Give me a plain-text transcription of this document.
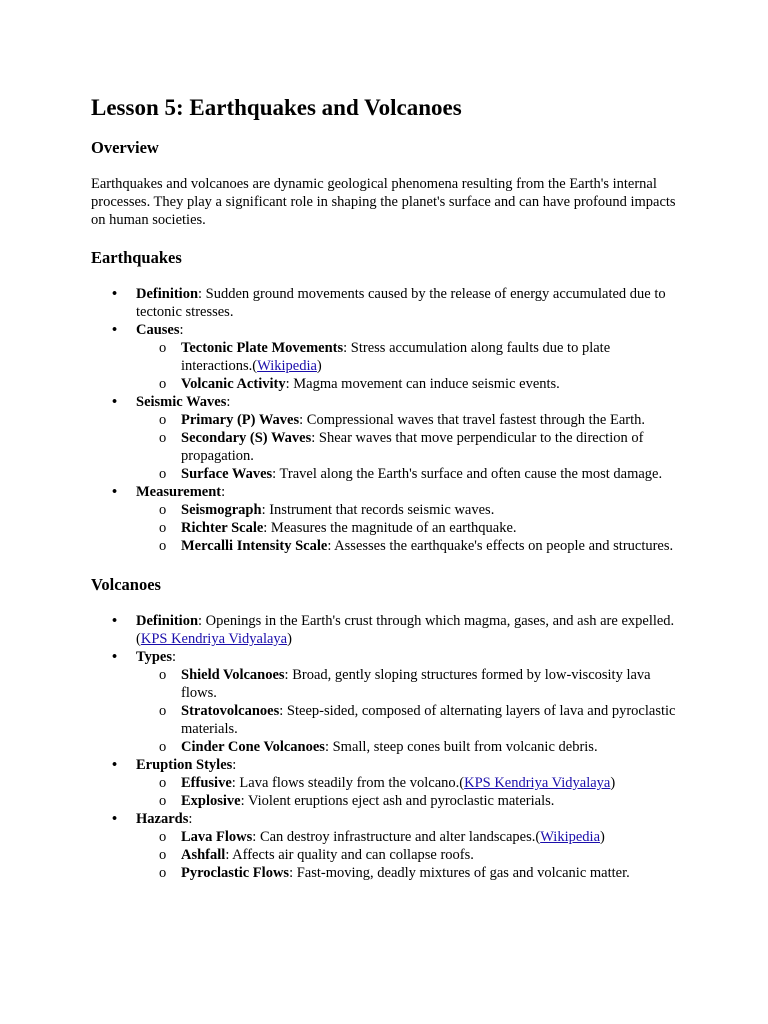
Lesson 5: Earthquakes and Volcanoes
Overview

Earthquakes and volcanoes are dynamic geological phenomena resulting from the Earth's internal processes. They play a significant role in shaping the planet's surface and can have profound impacts on human societies.

Earthquakes
• Definition: Sudden ground movements caused by the release of energy accumulated due to tectonic stresses.
• Causes:
o Tectonic Plate Movements: Stress accumulation along faults due to plate interactions.(Wikipedia)
o Volcanic Activity: Magma movement can induce seismic events.
• Seismic Waves:
o Primary (P) Waves: Compressional waves that travel fastest through the Earth.
o Secondary (S) Waves: Shear waves that move perpendicular to the direction of propagation.
o Surface Waves: Travel along the Earth's surface and often cause the most damage.
• Measurement:
o Seismograph: Instrument that records seismic waves.
o Richter Scale: Measures the magnitude of an earthquake.
o Mercalli Intensity Scale: Assesses the earthquake's effects on people and structures.
Volcanoes
• Definition: Openings in the Earth's crust through which magma, gases, and ash are expelled.(KPS Kendriya Vidyalaya)
• Types:
o Shield Volcanoes: Broad, gently sloping structures formed by low-viscosity lava flows.
o Stratovolcanoes: Steep-sided, composed of alternating layers of lava and pyroclastic materials.
o Cinder Cone Volcanoes: Small, steep cones built from volcanic debris.
• Eruption Styles:
o Effusive: Lava flows steadily from the volcano.(KPS Kendriya Vidyalaya)
o Explosive: Violent eruptions eject ash and pyroclastic materials.
• Hazards:
o Lava Flows: Can destroy infrastructure and alter landscapes.(Wikipedia)
o Ashfall: Affects air quality and can collapse roofs.
o Pyroclastic Flows: Fast-moving, deadly mixtures of gas and volcanic matter.
